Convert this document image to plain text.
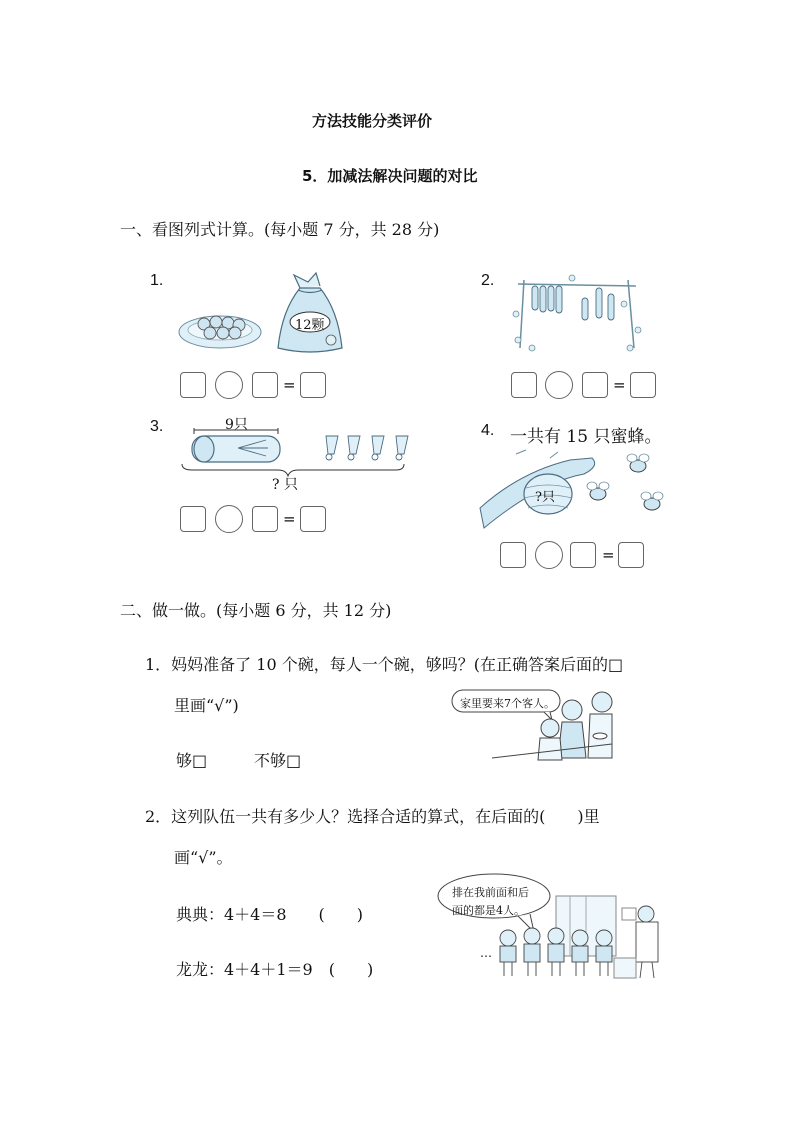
方法技能分类评价
5．加减法解决问题的对比
一、看图列式计算。(每小题 7 分，共 28 分)
1.
12颗
=
2.
=
3.	9只
? 只
=
4. 一共有 15 只蜜蜂。
?只
=
二、做一做。(每小题 6 分，共 12 分)
1．妈妈准备了 10 个碗，每人一个碗，够吗？(在正确答案后面的□
里画“√”)	家里要来7个客人。
够□	不够□
2．这列队伍一共有多少人？选择合适的算式，在后面的(　　)里
画“√”。
排在我前面和后
面的都是4人。
…
典典：4＋4＝8　　(　　)
龙龙：4＋4＋1＝9　(　　)
